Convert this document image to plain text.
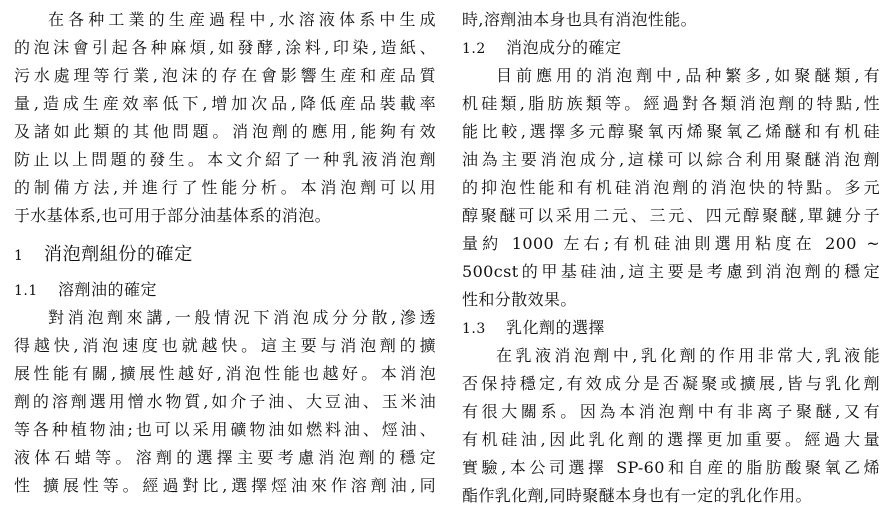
在各种工業的生産過程中,水溶液体系中生成
的泡沫會引起各种麻煩,如發酵,涂料,印染,造紙、
污水處理等行業,泡沫的存在會影響生産和産品質
量,造成生産效率低下,增加次品,降低産品裝載率
及諸如此類的其他問題。消泡劑的應用,能夠有效
防止以上問題的發生。本文介紹了一种乳液消泡劑
的制備方法,并進行了性能分析。本消泡劑可以用
于水基体系,也可用于部分油基体系的消泡。
1 消泡劑組份的確定
1.1 溶劑油的確定
對消泡劑來講,一般情況下消泡成分分散,滲透
得越快,消泡速度也就越快。這主要与消泡劑的擴
展性能有關,擴展性越好,消泡性能也越好。本消泡
劑的溶劑選用憎水物質,如介子油、大豆油、玉米油
等各种植物油;也可以采用礦物油如燃料油、烴油、
液体石蜡等。溶劑的選擇主要考慮消泡劑的穩定
性 擴展性等。經過對比,選擇烴油來作溶劑油,同
時,溶劑油本身也具有消泡性能。
1.2 消泡成分的確定
目前應用的消泡劑中,品种繁多,如聚醚類,有
机硅類,脂肪族類等。經過對各類消泡劑的特點,性
能比較,選擇多元醇聚氧丙烯聚氧乙烯醚和有机硅
油為主要消泡成分,這樣可以綜合利用聚醚消泡劑
的抑泡性能和有机硅消泡劑的消泡快的特點。多元
醇聚醚可以采用二元、三元、四元醇聚醚,單鏈分子
量約 1000 左右;有机硅油則選用粘度在 200 ~
500cst的甲基硅油,這主要是考慮到消泡劑的穩定
性和分散效果。
1.3 乳化劑的選擇
在乳液消泡劑中,乳化劑的作用非常大,乳液能
否保持穩定,有效成分是否凝聚或擴展,皆与乳化劑
有很大關系。因為本消泡劑中有非离子聚醚,又有
有机硅油,因此乳化劑的選擇更加重要。經過大量
實驗,本公司選擇 SP-60和自産的脂肪酸聚氧乙烯
酯作乳化劑,同時聚醚本身也有一定的乳化作用。
